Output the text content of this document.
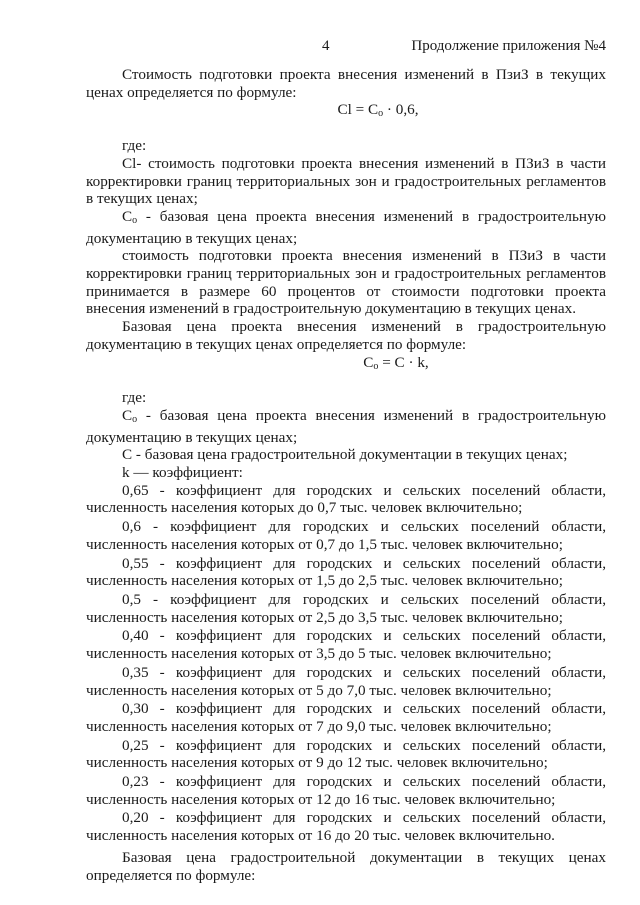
4	Продолжение приложения №4

Стоимость подготовки проекта внесения изменений в ПзиЗ в текущих ценах определяется по формуле:

$Cl = C_о \cdot 0,6$,

где:

Cl- стоимость подготовки проекта внесения изменений в ПЗиЗ в части корректировки границ территориальных зон и градостроительных регламентов в текущих ценах;

$C_о$ - базовая цена проекта внесения изменений в градостроительную документацию в текущих ценах;

стоимость подготовки проекта внесения изменений в ПЗиЗ в части корректировки границ территориальных зон и градостроительных регламентов принимается в размере 60 процентов от стоимости подготовки проекта внесения изменений в градостроительную документацию в текущих ценах.

Базовая цена проекта внесения изменений в градостроительную документацию в текущих ценах определяется по формуле:

$C_о = C \cdot k$,

где:

$C_о$ - базовая цена проекта внесения изменений в градостроительную документацию в текущих ценах;

С - базовая цена градостроительной документации в текущих ценах;

k — коэффициент:

0,65 - коэффициент для городских и сельских поселений области, численность населения которых до 0,7 тыс. человек включительно;

0,6 - коэффициент для городских и сельских поселений области, численность населения которых от 0,7 до 1,5 тыс. человек включительно;

0,55 - коэффициент для городских и сельских поселений области, численность населения которых от 1,5 до 2,5 тыс. человек включительно;

0,5 - коэффициент для городских и сельских поселений области, численность населения которых от 2,5 до 3,5 тыс. человек включительно;

0,40 - коэффициент для городских и сельских поселений области, численность населения которых от 3,5 до 5 тыс. человек включительно;

0,35 - коэффициент для городских и сельских поселений области, численность населения которых от 5 до 7,0 тыс. человек включительно;

0,30 - коэффициент для городских и сельских поселений области, численность населения которых от 7 до 9,0 тыс. человек включительно;

0,25 - коэффициент для городских и сельских поселений области, численность населения которых от 9 до 12 тыс. человек включительно;

0,23 - коэффициент для городских и сельских поселений области, численность населения которых от 12 до 16 тыс. человек включительно;

0,20 - коэффициент для городских и сельских поселений области, численность населения которых от 16 до 20 тыс. человек включительно.

Базовая цена градостроительной документации в текущих ценах определяется по формуле:
